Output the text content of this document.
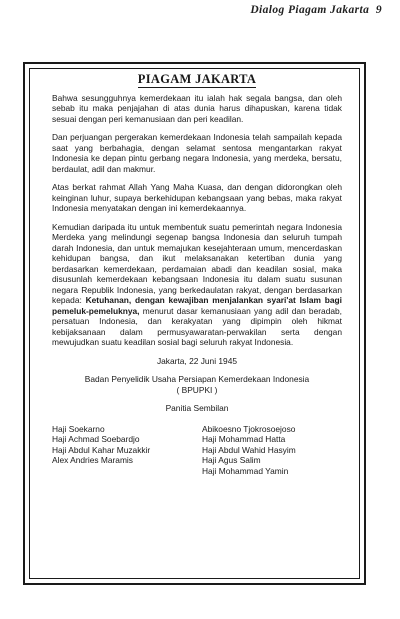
Dialog Piagam Jakarta 9
PIAGAM JAKARTA

Bahwa sesungguhnya kemerdekaan itu ialah hak segala bangsa, dan oleh sebab itu maka penjajahan di atas dunia harus dihapuskan, karena tidak sesuai dengan peri kemanusiaan dan peri keadilan.

Dan perjuangan pergerakan kemerdekaan Indonesia telah sampailah kepada saat yang berbahagia, dengan selamat sentosa mengantarkan rakyat Indonesia ke depan pintu gerbang negara Indonesia, yang merdeka, bersatu, berdaulat, adil dan makmur.

Atas berkat rahmat Allah Yang Maha Kuasa, dan dengan didorongkan oleh keinginan luhur, supaya berkehidupan kebangsaan yang bebas, maka rakyat Indonesia menyatakan dengan ini kemerdekaannya.

Kemudian daripada itu untuk membentuk suatu pemerintah negara Indonesia Merdeka yang melindungi segenap bangsa Indonesia dan seluruh tumpah darah Indonesia, dan untuk memajukan kesejahteraan umum, mencerdaskan kehidupan bangsa, dan ikut melaksanakan ketertiban dunia yang berdasarkan kemerdekaan, perdamaian abadi dan keadilan sosial, maka disusunlah kemerdekaan kebangsaan Indonesia itu dalam suatu susunan negara Republik Indonesia, yang berkedaulatan rakyat, dengan berdasarkan kepada: Ketuhanan, dengan kewajiban menjalankan syari'at Islam bagi pemeluk-pemeluknya, menurut dasar kemanusiaan yang adil dan beradab, persatuan Indonesia, dan kerakyatan yang dipimpin oleh hikmat kebijaksanaan dalam permusyawaratan-perwakilan serta dengan mewujudkan suatu keadilan sosial bagi seluruh rakyat Indonesia.

Jakarta, 22 Juni 1945
Badan Penyelidik Usaha Persiapan Kemerdekaan Indonesia
( BPUPKI )
Panitia Sembilan
Haji Soekarno
Haji Achmad Soebardjo
Haji Abdul Kahar Muzakkir
Alex Andries Maramis
Abikoesno Tjokrosoejoso
Haji Mohammad Hatta
Haji Abdul Wahid Hasyim
Haji Agus Salim
Haji Mohammad Yamin
